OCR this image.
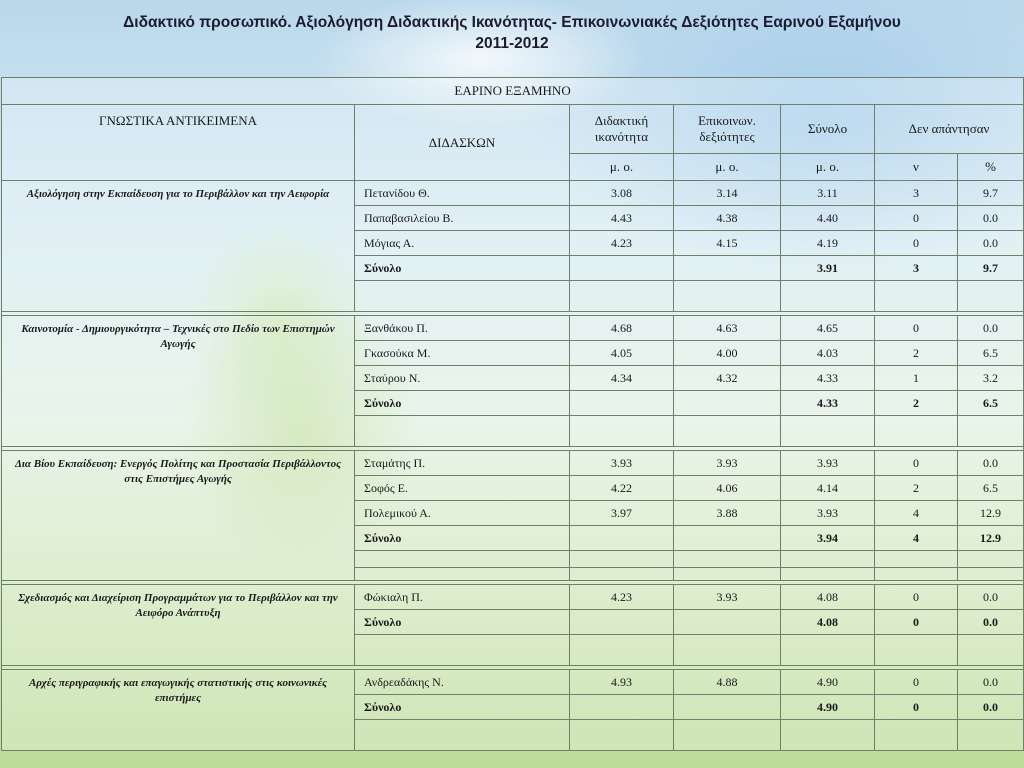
Διδακτικό προσωπικό. Αξιολόγηση Διδακτικής Ικανότητας- Επικοινωνιακές Δεξιότητες Εαρινού Εξαμήνου
2011-2012
ΕΑΡΙΝΟ ΕΞΑΜΗΝΟ						
ΓΝΩΣΤΙΚΑ ΑΝΤΙΚΕΙΜΕΝΑ	ΔΙΔΑΣΚΩΝ	Διδακτική ικανότητα	Επικοινων. δεξιότητες	Σύνολο	Δεν απάντησαν	
		μ. ο.	μ. ο.	μ. ο.	ν	%
Αξιολόγηση στην Εκπαίδευση για το Περιβάλλον και την Αειφορία	Πετανίδου Θ.	3.08	3.14	3.11	3	9.7
	Παπαβασιλείου Β.	4.43	4.38	4.40	0	0.0
	Μόγιας Α.	4.23	4.15	4.19	0	0.0
	Σύνολο			3.91	3	9.7

Καινοτομία - Δημιουργικότητα – Τεχνικές στο Πεδίο των Επιστημών Αγωγής	Ξανθάκου Π.	4.68	4.63	4.65	0	0.0
	Γκασούκα Μ.	4.05	4.00	4.03	2	6.5
	Σταύρου Ν.	4.34	4.32	4.33	1	3.2
	Σύνολο			4.33	2	6.5

Δια Βίου Εκπαίδευση: Ενεργός Πολίτης και Προστασία Περιβάλλοντος στις Επιστήμες Αγωγής	Σταμάτης Π.	3.93	3.93	3.93	0	0.0
	Σοφός Ε.	4.22	4.06	4.14	2	6.5
	Πολεμικού Α.	3.97	3.88	3.93	4	12.9
	Σύνολο			3.94	4	12.9

Σχεδιασμός και Διαχείριση Προγραμμάτων για το Περιβάλλον και την Αειφόρο Ανάπτυξη	Φώκιαλη Π.	4.23	3.93	4.08	0	0.0
	Σύνολο			4.08	0	0.0

Αρχές περιγραφικής και επαγωγικής στατιστικής στις κοινωνικές επιστήμες	Ανδρεαδάκης Ν.	4.93	4.88	4.90	0	0.0
	Σύνολο			4.90	0	0.0
